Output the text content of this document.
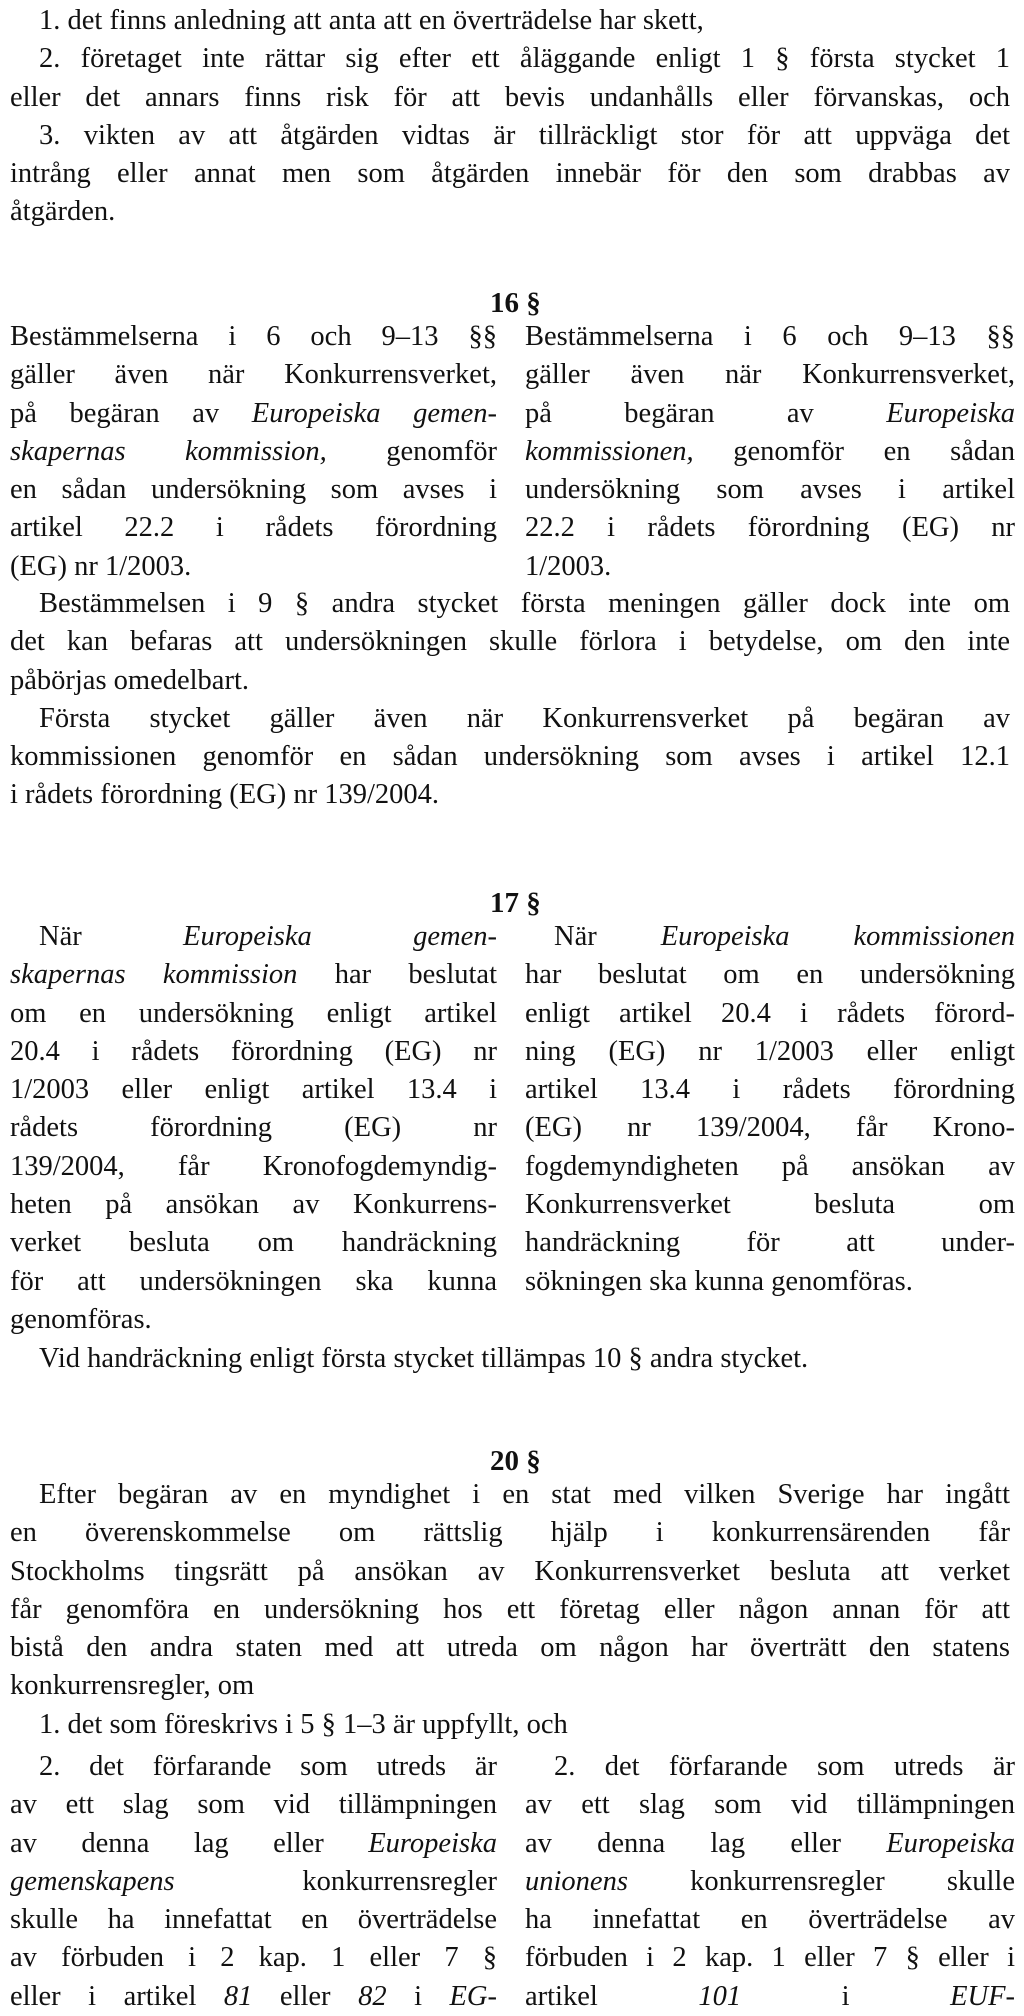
1. det finns anledning att anta att en överträdelse har skett,
2. företaget inte rättar sig efter ett åläggande enligt 1 § första stycket 1
eller det annars finns risk för att bevis undanhålls eller förvanskas, och
3. vikten av att åtgärden vidtas är tillräckligt stor för att uppväga det
intrång eller annat men som åtgärden innebär för den som drabbas av
åtgärden.
16 §
Bestämmelserna i 6 och 9–13 §§
gäller även när Konkurrensverket,
på begäran av Europeiska gemen-
skapernas kommission, genomför
en sådan undersökning som avses i
artikel 22.2 i rådets förordning
(EG) nr 1/2003.
Bestämmelserna i 6 och 9–13 §§
gäller även när Konkurrensverket,
på begäran av Europeiska
kommissionen, genomför en sådan
undersökning som avses i artikel
22.2 i rådets förordning (EG) nr
1/2003.
Bestämmelsen i 9 § andra stycket första meningen gäller dock inte om
det kan befaras att undersökningen skulle förlora i betydelse, om den inte
påbörjas omedelbart.
Första stycket gäller även när Konkurrensverket på begäran av
kommissionen genomför en sådan undersökning som avses i artikel 12.1
i rådets förordning (EG) nr 139/2004.
17 §
När Europeiska gemen-
skapernas kommission har beslutat
om en undersökning enligt artikel
20.4 i rådets förordning (EG) nr
1/2003 eller enligt artikel 13.4 i
rådets förordning (EG) nr
139/2004, får Kronofogdemyndig-
heten på ansökan av Konkurrens-
verket besluta om handräckning
för att undersökningen ska kunna
genomföras.
När Europeiska kommissionen
har beslutat om en undersökning
enligt artikel 20.4 i rådets förord-
ning (EG) nr 1/2003 eller enligt
artikel 13.4 i rådets förordning
(EG) nr 139/2004, får Krono-
fogdemyndigheten på ansökan av
Konkurrensverket besluta om
handräckning för att under-
sökningen ska kunna genomföras.
Vid handräckning enligt första stycket tillämpas 10 § andra stycket.
20 §
Efter begäran av en myndighet i en stat med vilken Sverige har ingått
en överenskommelse om rättslig hjälp i konkurrensärenden får
Stockholms tingsrätt på ansökan av Konkurrensverket besluta att verket
får genomföra en undersökning hos ett företag eller någon annan för att
bistå den andra staten med att utreda om någon har överträtt den statens
konkurrensregler, om
1. det som föreskrivs i 5 § 1–3 är uppfyllt, och
2. det förfarande som utreds är
av ett slag som vid tillämpningen
av denna lag eller Europeiska
gemenskapens konkurrensregler
skulle ha innefattat en överträdelse
av förbuden i 2 kap. 1 eller 7 §
eller i artikel 81 eller 82 i EG-
2. det förfarande som utreds är
av ett slag som vid tillämpningen
av denna lag eller Europeiska
unionens konkurrensregler skulle
ha innefattat en överträdelse av
förbuden i 2 kap. 1 eller 7 § eller i
artikel 101 i EUF-
